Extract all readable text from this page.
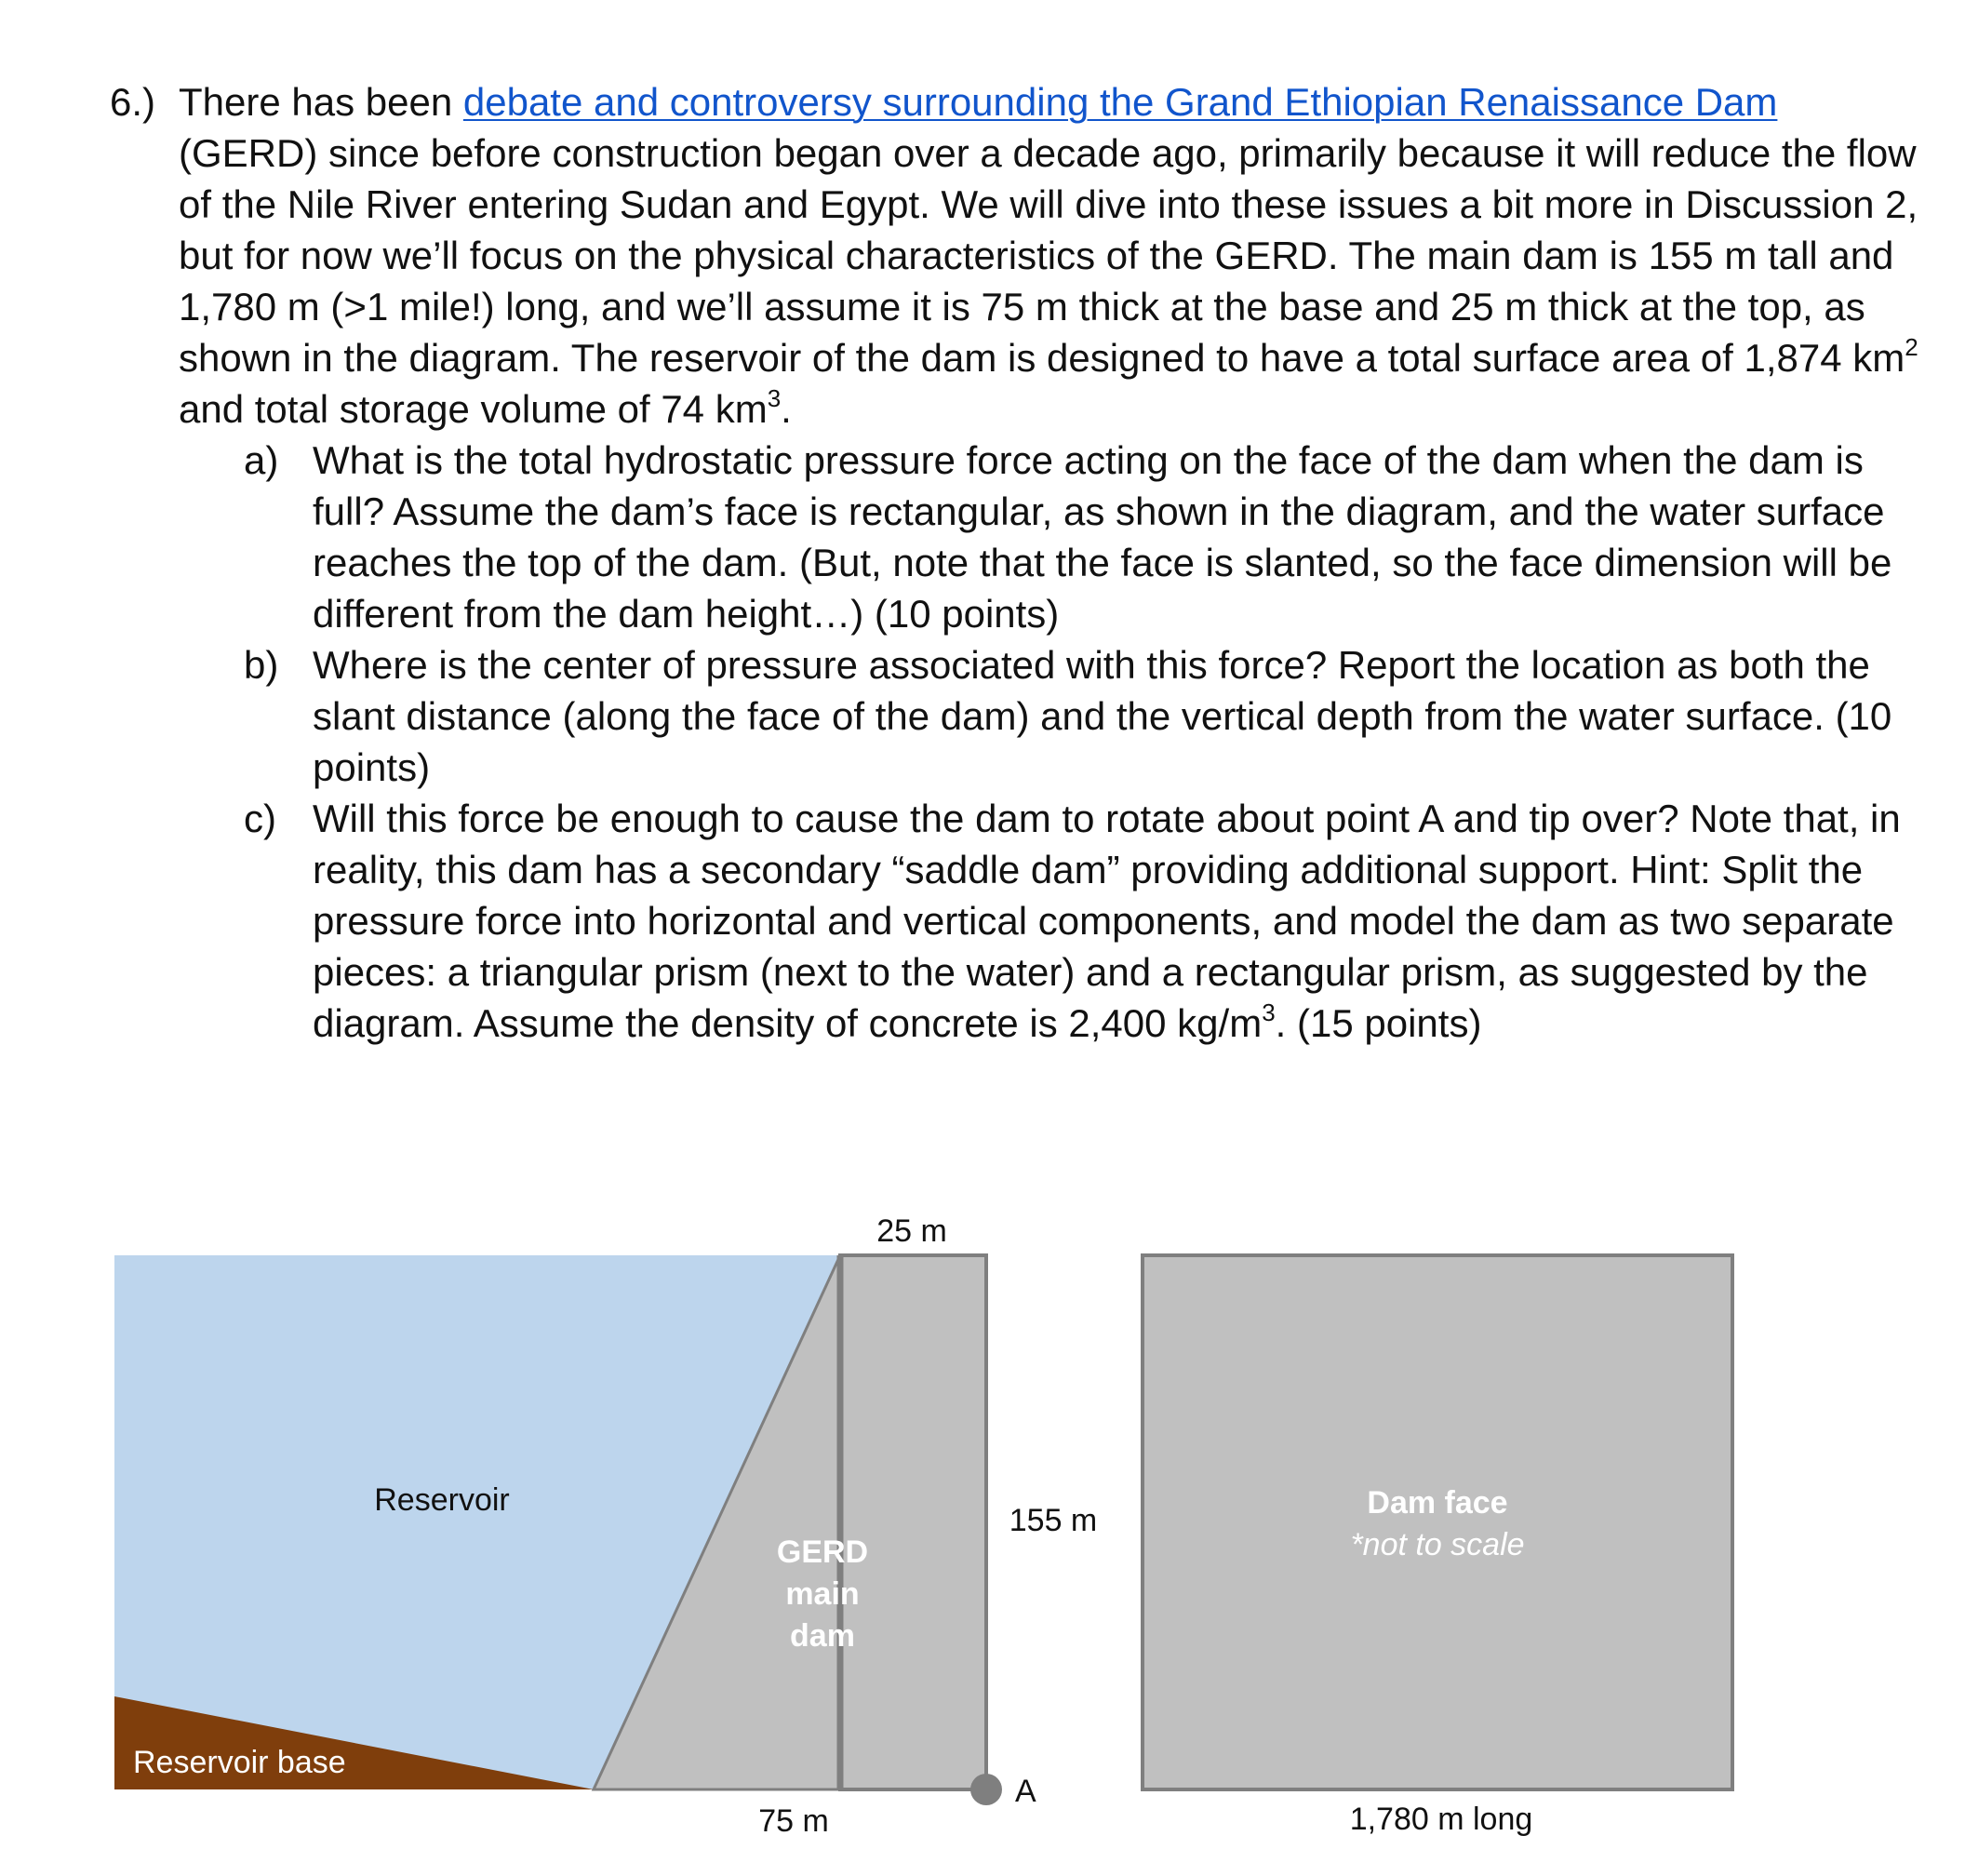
6.) There has been debate and controversy surrounding the Grand Ethiopian Renaissance Dam (GERD) since before construction began over a decade ago, primarily because it will reduce the flow of the Nile River entering Sudan and Egypt. We will dive into these issues a bit more in Discussion 2, but for now we’ll focus on the physical characteristics of the GERD. The main dam is 155 m tall and 1,780 m (>1 mile!) long, and we’ll assume it is 75 m thick at the base and 25 m thick at the top, as shown in the diagram. The reservoir of the dam is designed to have a total surface area of 1,874 $km^2$ and total storage volume of 74 $km^3$.
a) What is the total hydrostatic pressure force acting on the face of the dam when the dam is full? Assume the dam’s face is rectangular, as shown in the diagram, and the water surface reaches the top of the dam. (But, note that the face is slanted, so the face dimension will be different from the dam height…) (10 points)
b) Where is the center of pressure associated with this force? Report the location as both the slant distance (along the face of the dam) and the vertical depth from the water surface. (10 points)
c) Will this force be enough to cause the dam to rotate about point A and tip over? Note that, in reality, this dam has a secondary “saddle dam” providing additional support. Hint: Split the pressure force into horizontal and vertical components, and model the dam as two separate pieces: a triangular prism (next to the water) and a rectangular prism, as suggested by the diagram. Assume the density of concrete is 2,400 $kg/m^3$. (15 points)
25 m
155 m
75 m
Reservoir
Reservoir base
GERD
main
dam
A
Dam face
*not to scale
1,780 m long
